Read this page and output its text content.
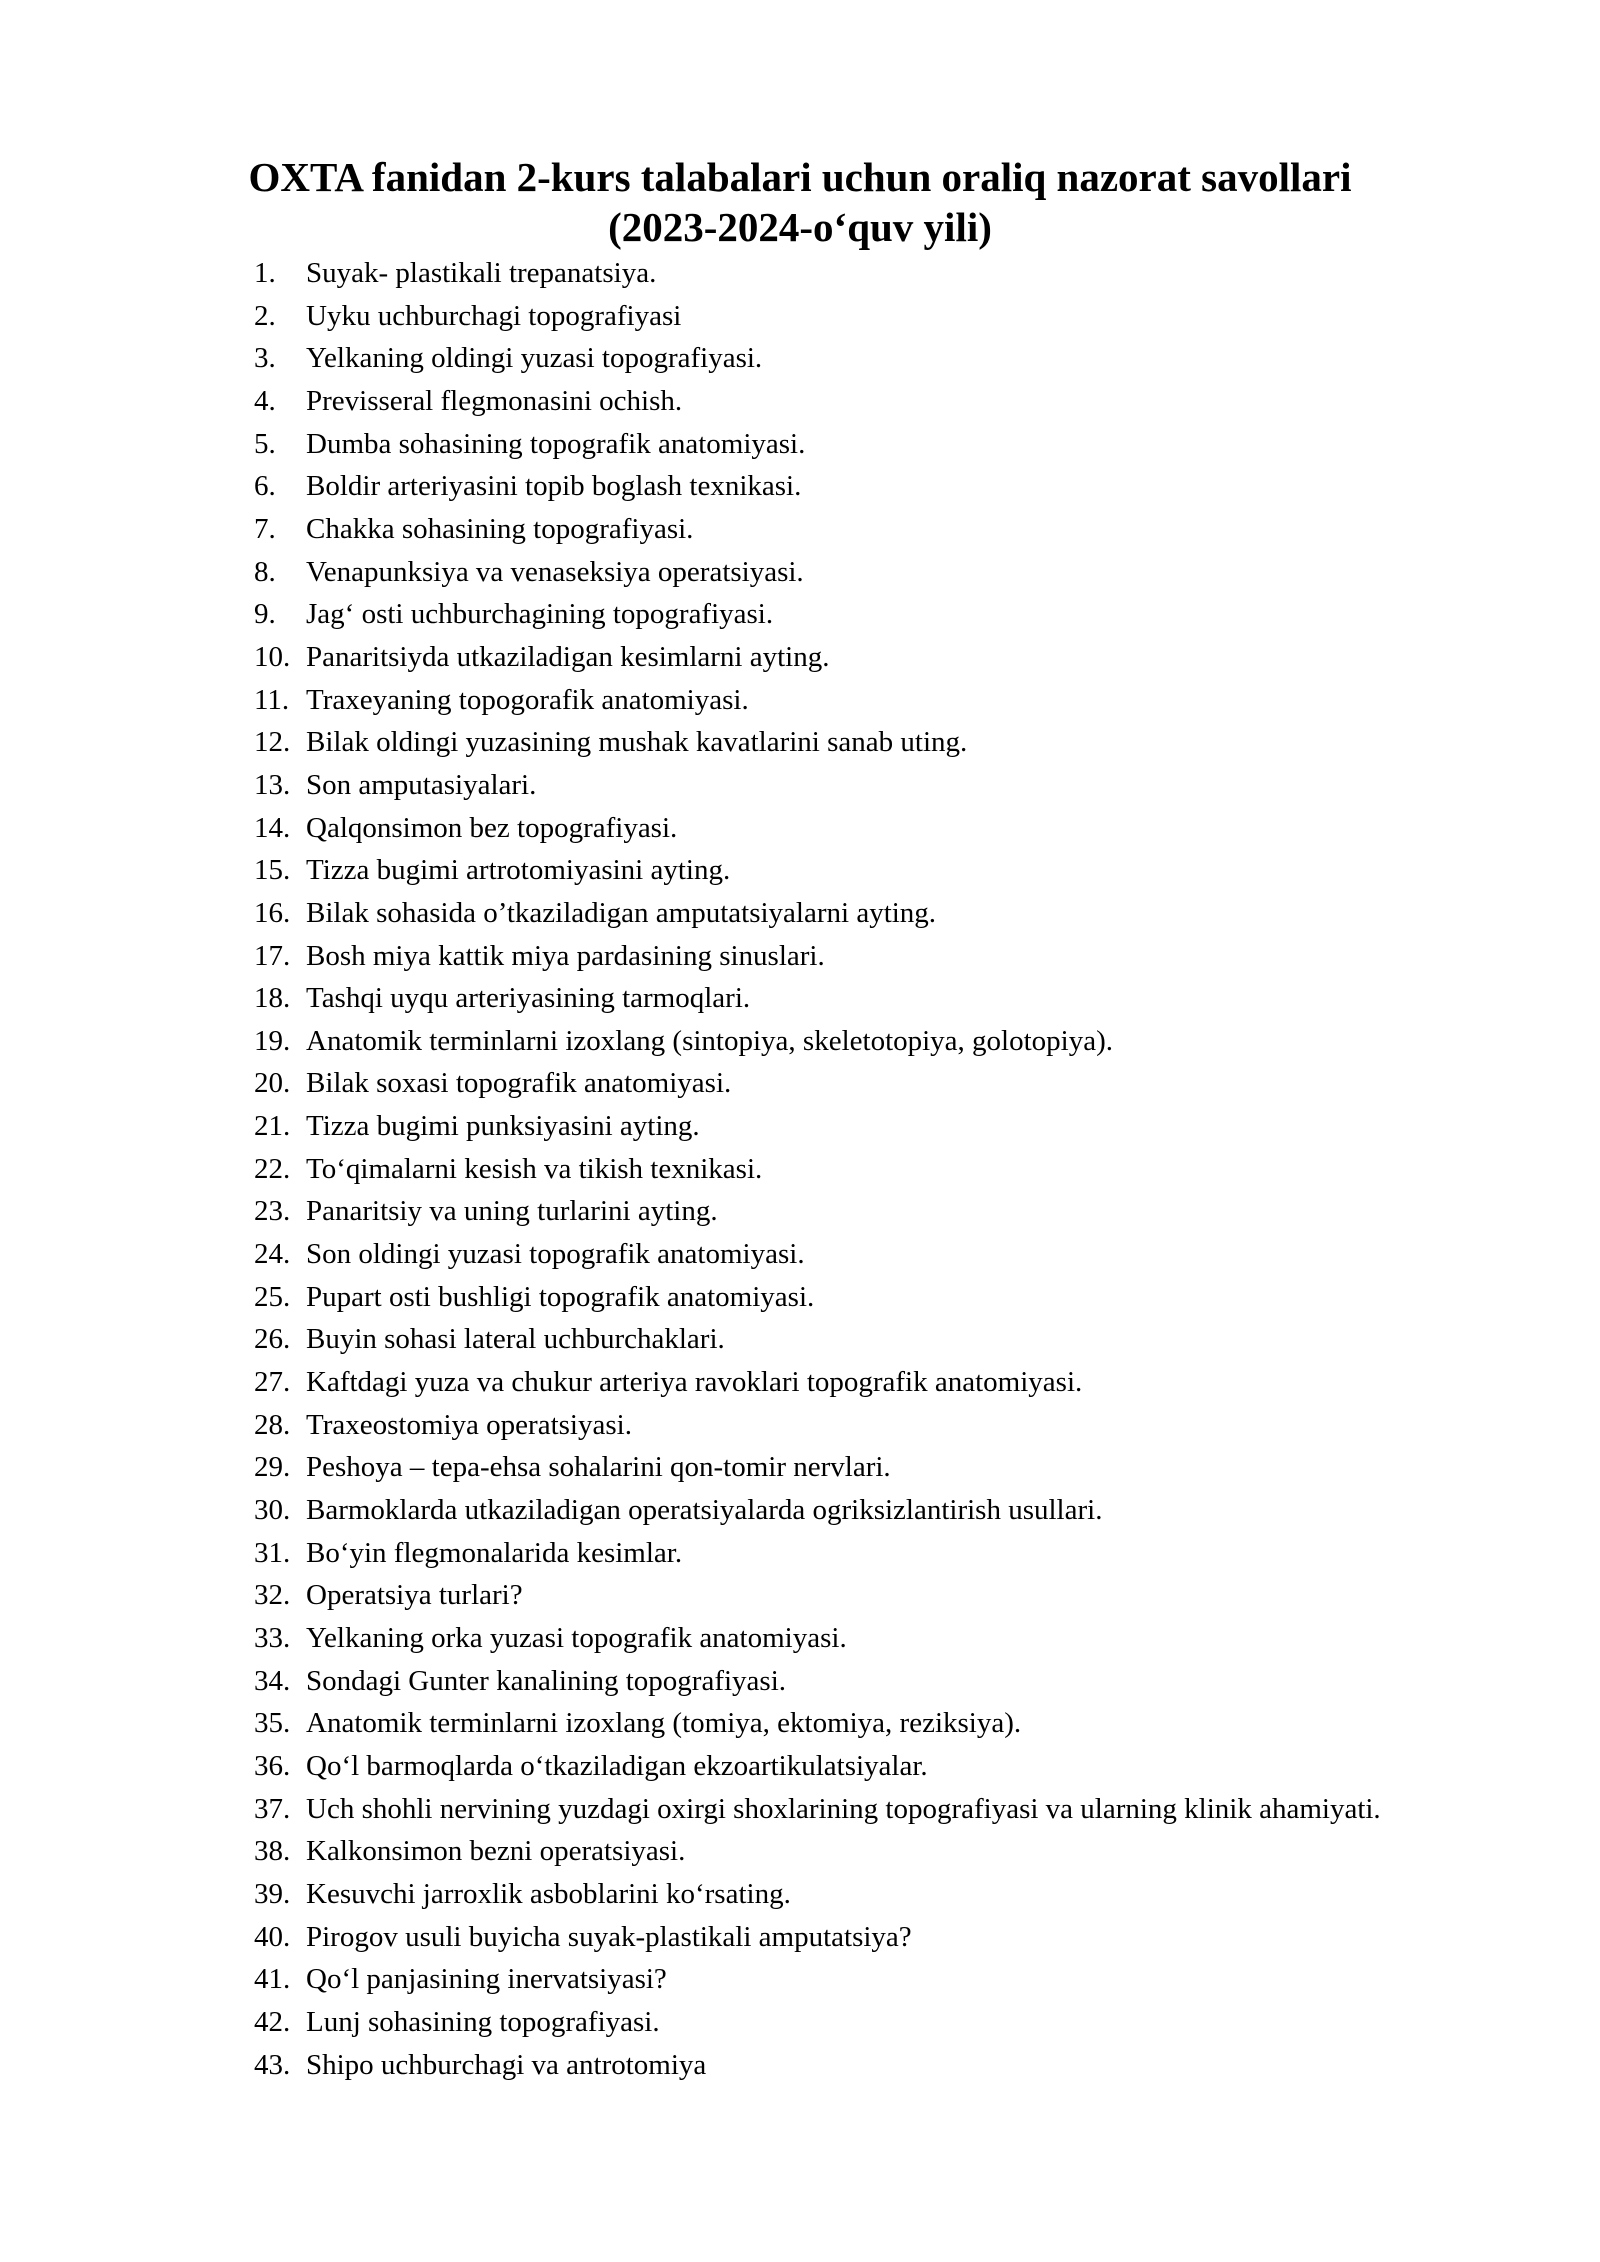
OXTA fanidan 2-kurs talabalari uchun oraliq nazorat savollari
(2023-2024-o‘quv yili)
1.	Suyak- plastikali trepanatsiya.
2.	Uyku uchburchagi topografiyasi
3.	Yelkaning oldingi yuzasi topografiyasi.
4.	Previsseral flegmonasini ochish.
5.	Dumba sohasining topografik anatomiyasi.
6.	Boldir arteriyasini topib boglash texnikasi.
7.	Chakka sohasining topografiyasi.
8.	Venapunksiya va venaseksiya operatsiyasi.
9.	Jag‘ osti uchburchagining topografiyasi.
10. Panaritsiyda utkaziladigan kesimlarni ayting.
11. Traxeyaning topogorafik anatomiyasi.
12. Bilak oldingi yuzasining mushak kavatlarini sanab uting.
13. Son amputasiyalari.
14. Qalqonsimon bez topografiyasi.
15. Tizza bugimi artrotomiyasini ayting.
16. Bilak sohasida o’tkaziladigan amputatsiyalarni ayting.
17. Bosh miya kattik miya pardasining sinuslari.
18. Tashqi uyqu arteriyasining tarmoqlari.
19. Anatomik terminlarni izoxlang (sintopiya, skeletotopiya, golotopiya).
20. Bilak soxasi topografik anatomiyasi.
21. Tizza bugimi punksiyasini ayting.
22. To‘qimalarni kesish va tikish texnikasi.
23. Panaritsiy va uning turlarini ayting.
24. Son oldingi yuzasi topografik anatomiyasi.
25. Pupart osti bushligi topografik anatomiyasi.
26. Buyin sohasi lateral uchburchaklari.
27. Kaftdagi yuza va chukur arteriya ravoklari topografik anatomiyasi.
28. Traxeostomiya operatsiyasi.
29. Peshoya – tepa-ehsa sohalarini qon-tomir nervlari.
30. Barmoklarda utkaziladigan operatsiyalarda ogriksizlantirish usullari.
31. Bo‘yin flegmonalarida kesimlar.
32. Operatsiya turlari?
33. Yelkaning orka yuzasi topografik anatomiyasi.
34. Sondagi Gunter kanalining topografiyasi.
35. Anatomik terminlarni izoxlang (tomiya, ektomiya, reziksiya).
36. Qo‘l barmoqlarda o‘tkaziladigan ekzoartikulatsiyalar.
37. Uch shohli nervining yuzdagi oxirgi shoxlarining topografiyasi va ularning klinik ahamiyati.
38. Kalkonsimon bezni operatsiyasi.
39. Kesuvchi jarroxlik asboblarini ko‘rsating.
40. Pirogov usuli buyicha suyak-plastikali amputatsiya?
41. Qo‘l panjasining inervatsiyasi?
42. Lunj sohasining topografiyasi.
43. Shipo uchburchagi va antrotomiya
